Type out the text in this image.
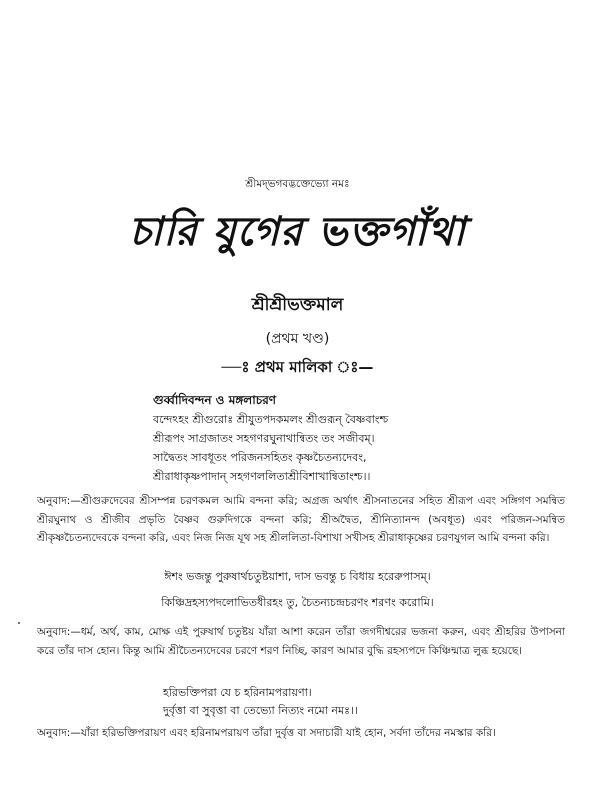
শ্রীমদ্‌ভগবদ্ভক্তেভ্যো নমঃ
চারি যুগের ভক্তগাঁথা
শ্রীশ্রীভক্তমাল
(প্রথম খণ্ড)
—ঃ প্রথম মালিকা ঃ—
গুর্ব্বাদিবন্দন ও মঙ্গলাচরণ
বন্দেঽহং শ্রীগুরোঃ শ্রীযুতপদকমলং শ্রীগুরূন্ বৈষ্ণবাংশ্চ
শ্রীরূপং সাগ্রজাতং সহগণরঘুনাথান্বিতং তং সজীবম্।
সাদ্বৈতং সাবধূতং পরিজনসহিতং কৃষ্ণচৈতন্যদেবং,
শ্রীরাধাকৃষ্ণপাদান্ সহগণললিতাশ্রীবিশাখান্বিতাংশ্চ।।
অনুবাদ:—শ্রীগুরুদেবের শ্রীসম্পন্ন চরণকমল আমি বন্দনা করি; অগ্রজ অর্থাৎ শ্রীসনাতনের সহিত শ্রীরূপ এবং সঙ্গিগণ সমন্বিত শ্রীরঘুনাথ ও শ্রীজীব প্রভৃতি বৈষ্ণব গুরুদিগকে বন্দনা করি; শ্রীঅদ্বৈত, শ্রীনিত্যানন্দ (অবধূত) এবং পরিজন-সমন্বিত শ্রীকৃষ্ণচৈতন্যদেবকে বন্দনা করি, এবং নিজ নিজ যূথ সহ শ্রীললিতা-বিশাখা সখীসহ শ্রীরাধাকৃষ্ণের চরণযুগল আমি বন্দনা করি।
ঈশং ভজন্তু পুরুষার্থচতুষ্টয়াশা, দাস ভবন্তু চ বিধায় হরেরুপাসম্‌।
কিঞ্চিদ্রহস্যপদলোভিতধীরহং তু, চৈতন্যচন্দ্রচরণং শরণং করোমি।
অনুবাদ:—ধর্ম, অর্থ, কাম, মোক্ষ এই পুরুষার্থ চতুষ্টয় যাঁরা আশা করেন তাঁরা জগদীশ্বরের ভজনা করুন, এবং শ্রীহরির উপাসনা করে তাঁর দাস হোন। কিন্তু আমি শ্রীচৈতন্যদেবের চরণে শরণ নিচ্ছি, কারণ আমার বুদ্ধি রহস্যপদে কিঞ্চিন্মাত্র লুব্ধ হয়েছে।
হরিভক্তিপরা যে চ হরিনামপরায়ণা।
দুর্বৃত্তা বা সুবৃত্তা বা তেভ্যো নিত্যং নমো নমঃ।।
অনুবাদ:—যাঁরা হরিভক্তিপরায়ণ এবং হরিনামপরায়ণ তাঁরা দুর্বৃত্ত বা সদাচারী যাই হোন, সর্বদা তাঁদের নমস্কার করি।
